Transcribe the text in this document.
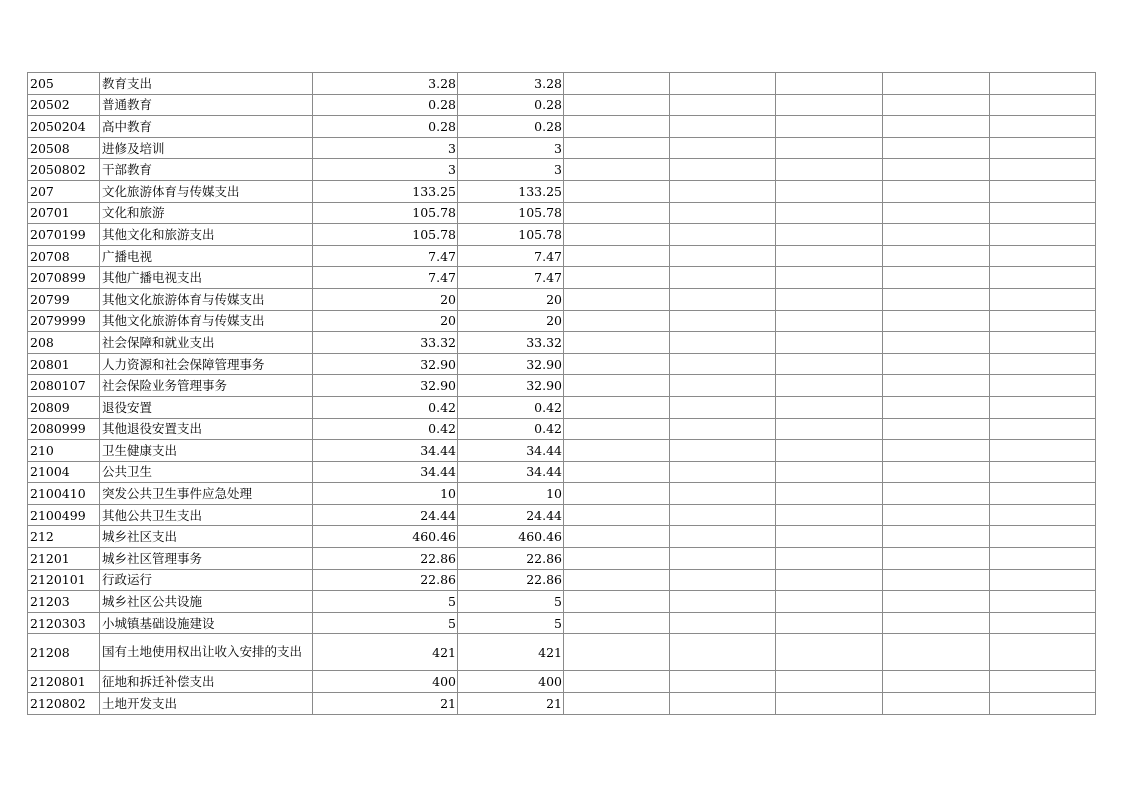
205	教育支出	3.28	3.28					
20502	普通教育	0.28	0.28					
2050204	高中教育	0.28	0.28					
20508	进修及培训	3	3					
2050802	干部教育	3	3					
207	文化旅游体育与传媒支出	133.25	133.25					
20701	文化和旅游	105.78	105.78					
2070199	其他文化和旅游支出	105.78	105.78					
20708	广播电视	7.47	7.47					
2070899	其他广播电视支出	7.47	7.47					
20799	其他文化旅游体育与传媒支出	20	20					
2079999	其他文化旅游体育与传媒支出	20	20					
208	社会保障和就业支出	33.32	33.32					
20801	人力资源和社会保障管理事务	32.90	32.90					
2080107	社会保险业务管理事务	32.90	32.90					
20809	退役安置	0.42	0.42					
2080999	其他退役安置支出	0.42	0.42					
210	卫生健康支出	34.44	34.44					
21004	公共卫生	34.44	34.44					
2100410	突发公共卫生事件应急处理	10	10					
2100499	其他公共卫生支出	24.44	24.44					
212	城乡社区支出	460.46	460.46					
21201	城乡社区管理事务	22.86	22.86					
2120101	行政运行	22.86	22.86					
21203	城乡社区公共设施	5	5					
2120303	小城镇基础设施建设	5	5					
21208	国有土地使用权出让收入安排的支出	421	421					
2120801	征地和拆迁补偿支出	400	400					
2120802	土地开发支出	21	21					
